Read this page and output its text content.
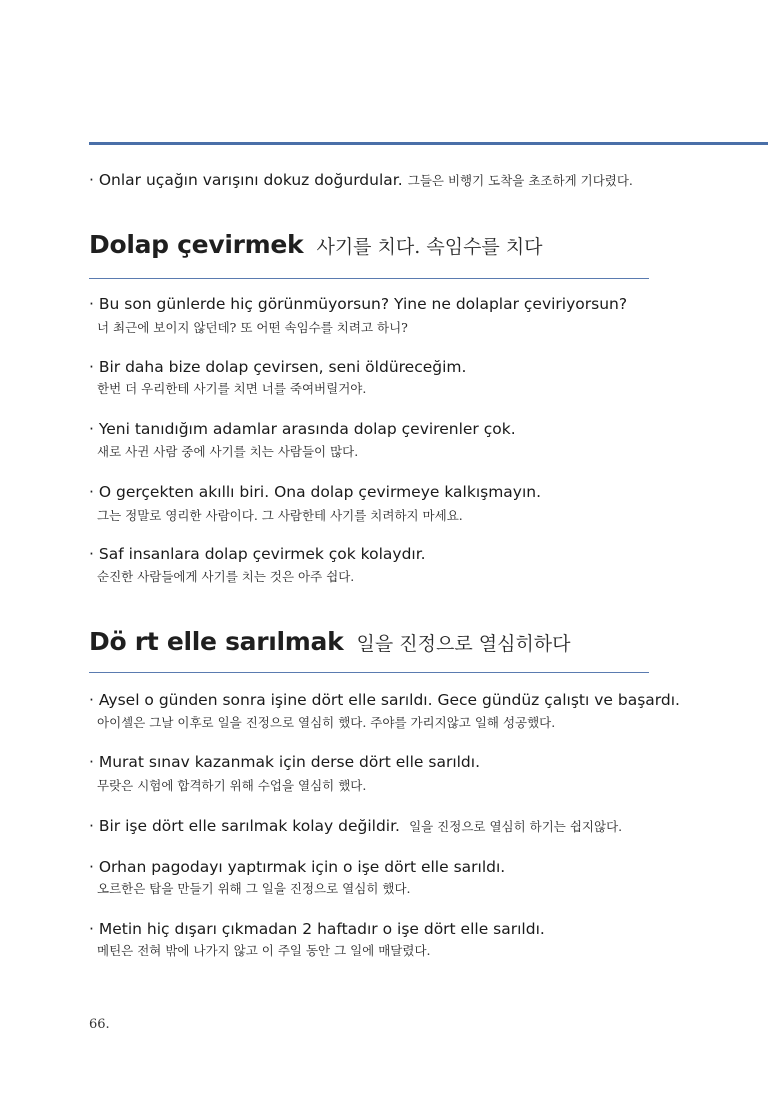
· Onlar uçağın varışını dokuz doğurdular. 그들은 비행기 도착을 초조하게 기다렸다.
Dolap çevirmek 사기를 치다. 속임수를 치다
· Bu son günlerde hiç görünmüyorsun? Yine ne dolaplar çeviriyorsun?
너 최근에 보이지 않던데? 또 어떤 속임수를 치려고 하니?
· Bir daha bize dolap çevirsen, seni öldüreceğim.
한번 더 우리한테 사기를 치면 너를 죽여버릴거야.
· Yeni tanıdığım adamlar arasında dolap çevirenler çok.
새로 사귄 사람 중에 사기를 치는 사람들이 많다.
· O gerçekten akıllı biri. Ona dolap çevirmeye kalkışmayın.
그는 정말로 영리한 사람이다. 그 사람한테 사기를 치려하지 마세요.
· Saf insanlara dolap çevirmek çok kolaydır.
순진한 사람들에게 사기를 치는 것은 아주 쉽다.
Dö rt elle sarılmak 일을 진정으로 열심히하다
· Aysel o günden sonra işine dört elle sarıldı. Gece gündüz çalıştı ve başardı.
아이셀은 그날 이후로 일을 진정으로 열심히 했다. 주야를 가리지않고 일해 성공했다.
· Murat sınav kazanmak için derse dört elle sarıldı.
무랏은 시험에 합격하기 위해 수업을 열심히 했다.
· Bir işe dört elle sarılmak kolay değildir. 일을 진정으로 열심히 하기는 쉽지않다.
· Orhan pagodayı yaptırmak için o işe dört elle sarıldı.
오르한은 탑을 만들기 위해 그 일을 진정으로 열심히 했다.
· Metin hiç dışarı çıkmadan 2 haftadır o işe dört elle sarıldı.
메틴은 전혀 밖에 나가지 않고 이 주일 동안 그 일에 매달렸다.
66.
